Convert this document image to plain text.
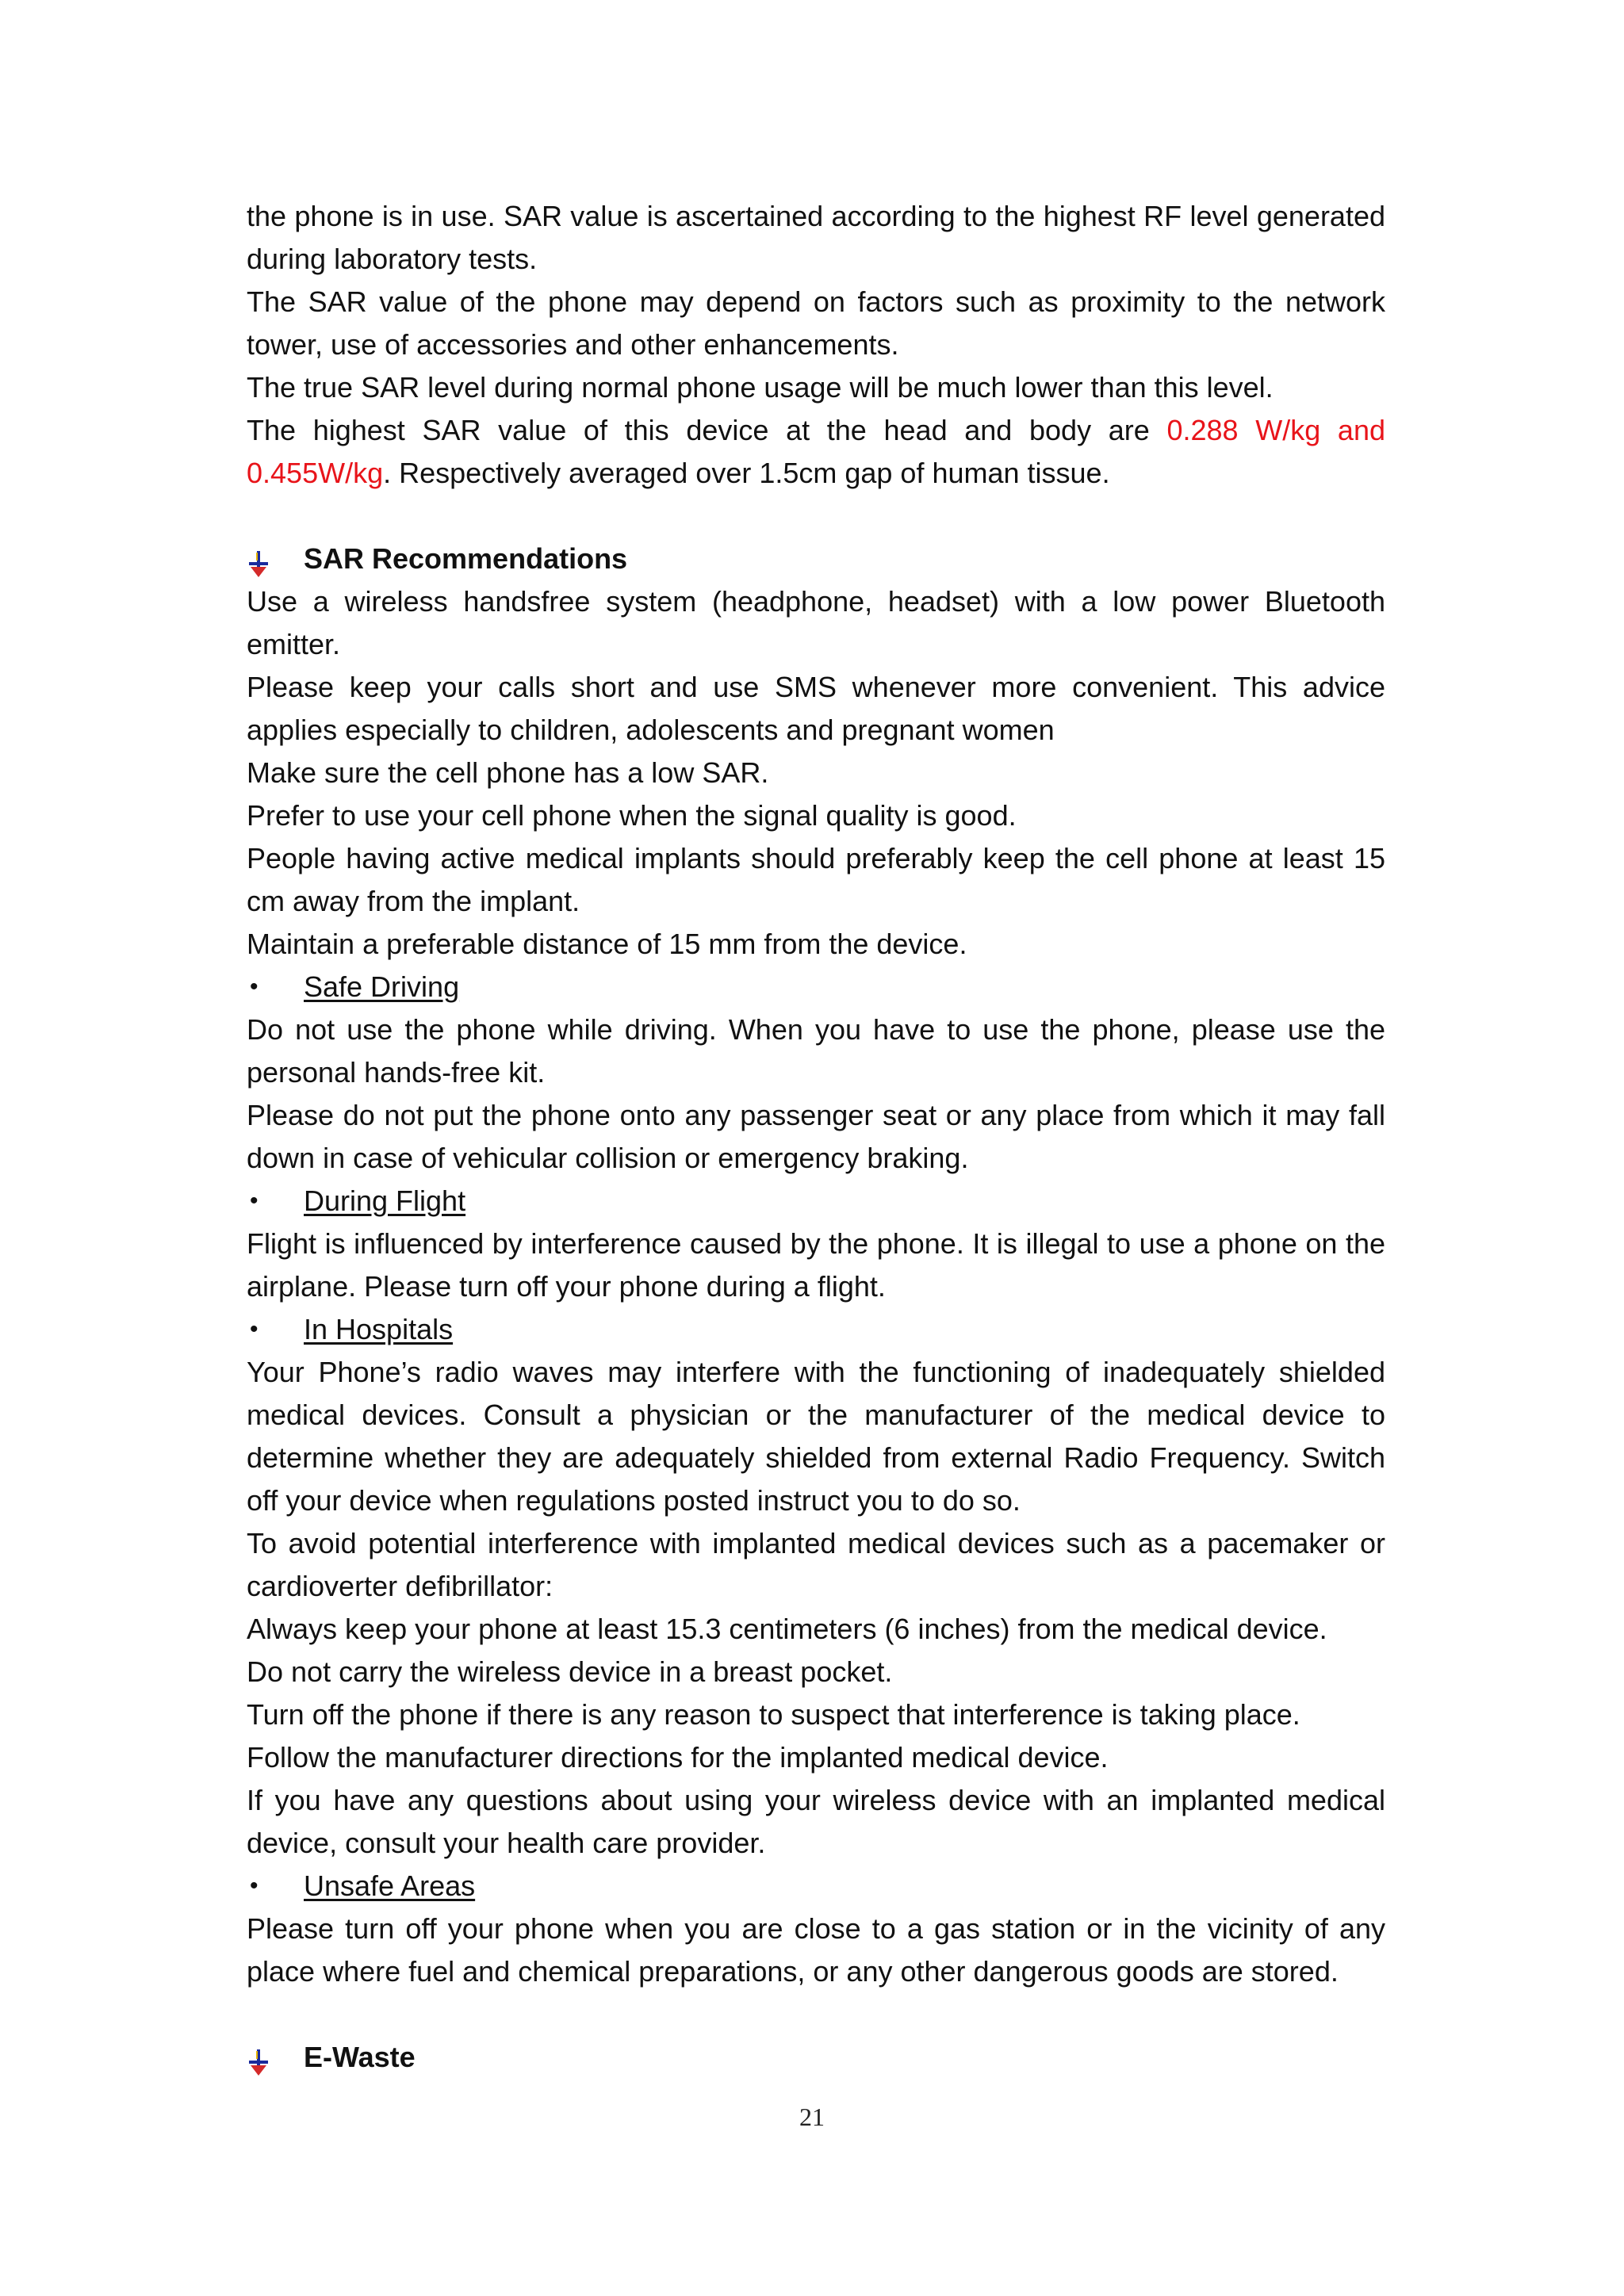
the phone is in use. SAR value is ascertained according to the highest RF level generated during laboratory tests.

The SAR value of the phone may depend on factors such as proximity to the network tower, use of accessories and other enhancements.

The true SAR level during normal phone usage will be much lower than this level.

The highest SAR value of this device at the head and body are 0.288 W/kg and 0.455W/kg. Respectively averaged over 1.5cm gap of human tissue.

SAR Recommendations

Use a wireless handsfree system (headphone, headset) with a low power Bluetooth emitter.

Please keep your calls short and use SMS whenever more convenient. This advice applies especially to children, adolescents and pregnant women

Make sure the cell phone has a low SAR.

Prefer to use your cell phone when the signal quality is good.

People having active medical implants should preferably keep the cell phone at least 15 cm away from the implant.

Maintain a preferable distance of 15 mm from the device.

•	Safe Driving

Do not use the phone while driving. When you have to use the phone, please use the personal hands-free kit.

Please do not put the phone onto any passenger seat or any place from which it may fall down in case of vehicular collision or emergency braking.

•	During Flight

Flight is influenced by interference caused by the phone. It is illegal to use a phone on the airplane. Please turn off your phone during a flight.

•	In Hospitals

Your Phone’s radio waves may interfere with the functioning of inadequately shielded medical devices. Consult a physician or the manufacturer of the medical device to determine whether they are adequately shielded from external Radio Frequency. Switch off your device when regulations posted instruct you to do so.

To avoid potential interference with implanted medical devices such as a pacemaker or cardioverter defibrillator:

Always keep your phone at least 15.3 centimeters (6 inches) from the medical device.

Do not carry the wireless device in a breast pocket.

Turn off the phone if there is any reason to suspect that interference is taking place.

Follow the manufacturer directions for the implanted medical device.

If you have any questions about using your wireless device with an implanted medical device, consult your health care provider.

•	Unsafe Areas

Please turn off your phone when you are close to a gas station or in the vicinity of any place where fuel and chemical preparations, or any other dangerous goods are stored.

E-Waste

21
